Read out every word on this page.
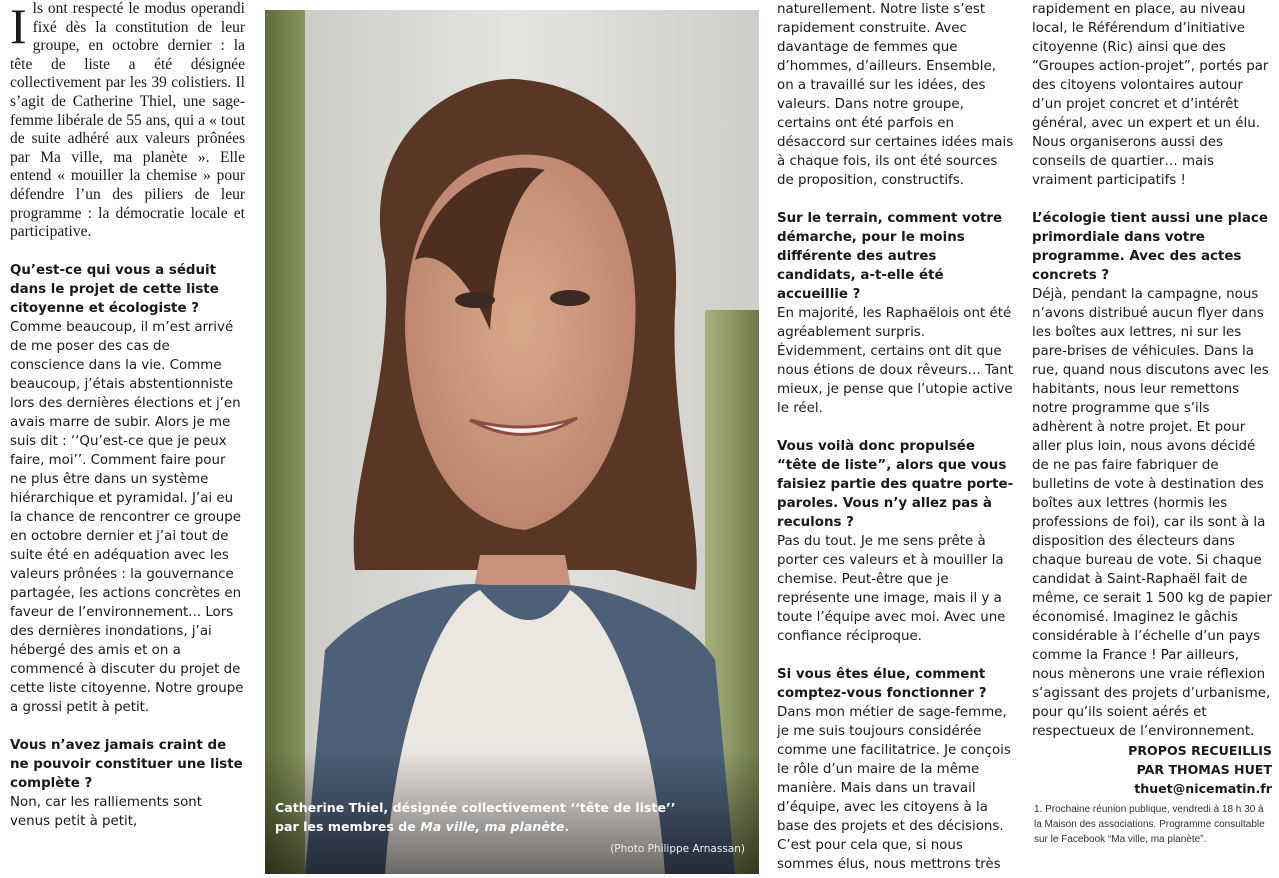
Ils ont respecté le modus operandi fixé dès la constitution de leur groupe, en octobre dernier : la tête de liste a été désignée collectivement par les 39 colistiers. Il s’agit de Catherine Thiel, une sage-femme libérale de 55 ans, qui a « tout de suite adhéré aux valeurs prônées par Ma ville, ma planète ». Elle entend « mouiller la chemise » pour défendre l’un des piliers de leur programme : la démocratie locale et participative.

Qu’est-ce qui vous a séduit dans le projet de cette liste citoyenne et écologiste ?

Comme beaucoup, il m’est arrivé de me poser des cas de conscience dans la vie. Comme beaucoup, j’étais abstentionniste lors des dernières élections et j’en avais marre de subir. Alors je me suis dit : ‘‘Qu’est-ce que je peux faire, moi’’. Comment faire pour ne plus être dans un système hiérarchique et pyramidal. J’ai eu la chance de rencontrer ce groupe en octobre dernier et j’ai tout de suite été en adéquation avec les valeurs prônées : la gouvernance partagée, les actions concrètes en faveur de l’environnement... Lors des dernières inondations, j’ai hébergé des amis et on a commencé à discuter du projet de cette liste citoyenne. Notre groupe a grossi petit à petit.

Vous n’avez jamais craint de ne pouvoir constituer une liste complète ?

Non, car les ralliements sont venus petit à petit,

Catherine Thiel, désignée collectivement ‘‘tête de liste’’
par les membres de Ma ville, ma planète.
(Photo Philippe Arnassan)

naturellement. Notre liste s’est rapidement construite. Avec davantage de femmes que d’hommes, d’ailleurs. Ensemble, on a travaillé sur les idées, des valeurs. Dans notre groupe, certains ont été parfois en désaccord sur certaines idées mais à chaque fois, ils ont été sources de proposition, constructifs.

Sur le terrain, comment votre démarche, pour le moins différente des autres candidats, a-t-elle été accueillie ?

En majorité, les Raphaëlois ont été agréablement surpris. Évidemment, certains ont dit que nous étions de doux rêveurs… Tant mieux, je pense que l’utopie active le réel.

Vous voilà donc propulsée “tête de liste”, alors que vous faisiez partie des quatre porte-paroles. Vous n’y allez pas à reculons ?

Pas du tout. Je me sens prête à porter ces valeurs et à mouiller la chemise. Peut-être que je représente une image, mais il y a toute l’équipe avec moi. Avec une confiance réciproque.

Si vous êtes élue, comment comptez-vous fonctionner ?

Dans mon métier de sage-femme, je me suis toujours considérée comme une facilitatrice. Je conçois le rôle d’un maire de la même manière. Mais dans un travail d’équipe, avec les citoyens à la base des projets et des décisions. C’est pour cela que, si nous sommes élus, nous mettrons très

rapidement en place, au niveau local, le Référendum d’initiative citoyenne (Ric) ainsi que des “Groupes action-projet”, portés par des citoyens volontaires autour d’un projet concret et d’intérêt général, avec un expert et un élu. Nous organiserons aussi des conseils de quartier… mais vraiment participatifs !

L’écologie tient aussi une place primordiale dans votre programme. Avec des actes concrets ?

Déjà, pendant la campagne, nous n’avons distribué aucun flyer dans les boîtes aux lettres, ni sur les pare-brises de véhicules. Dans la rue, quand nous discutons avec les habitants, nous leur remettons notre programme que s’ils adhèrent à notre projet. Et pour aller plus loin, nous avons décidé de ne pas faire fabriquer de bulletins de vote à destination des boîtes aux lettres (hormis les professions de foi), car ils sont à la disposition des électeurs dans chaque bureau de vote. Si chaque candidat à Saint-Raphaël fait de même, ce serait 1 500 kg de papier économisé. Imaginez le gâchis considérable à l’échelle d’un pays comme la France ! Par ailleurs, nous mènerons une vraie réflexion s’agissant des projets d’urbanisme, pour qu’ils soient aérés et respectueux de l’environnement.

PROPOS RECUEILLIS

PAR THOMAS HUET

thuet@nicematin.fr

1. Prochaine réunion publique, vendredi à 18 h 30 à la Maison des associations. Programme consultable sur le Facebook “Ma ville, ma planète”.
